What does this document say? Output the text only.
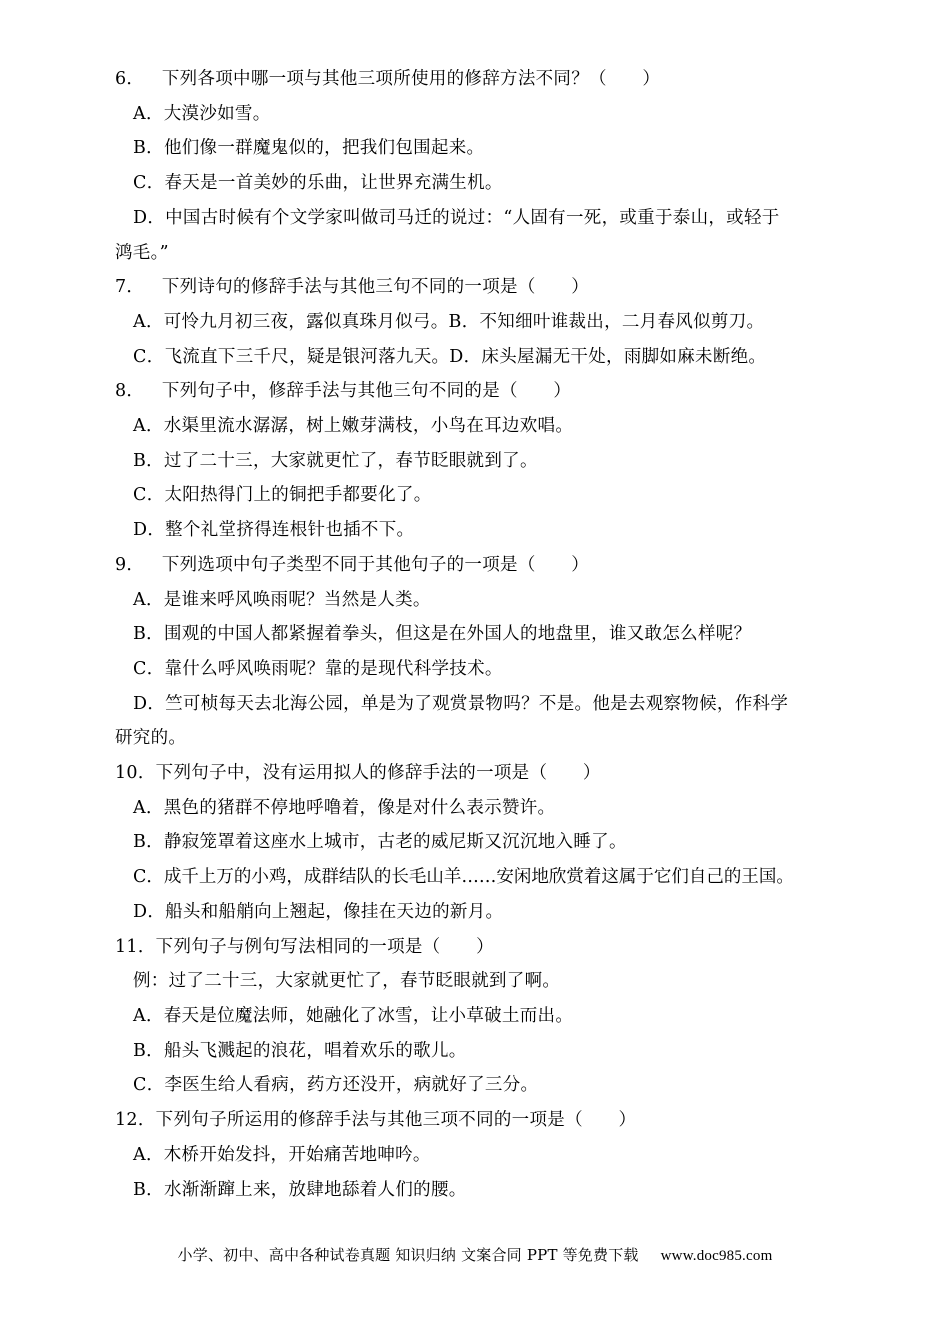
6． 下列各项中哪一项与其他三项所使用的修辞方法不同？（　　）
A．大漠沙如雪。
B．他们像一群魔鬼似的，把我们包围起来。
C．春天是一首美妙的乐曲，让世界充满生机。
D．中国古时候有个文学家叫做司马迁的说过：“人固有一死，或重于泰山，或轻于
鸿毛。”
7． 下列诗句的修辞手法与其他三句不同的一项是（　　）
A．可怜九月初三夜，露似真珠月似弓。B．不知细叶谁裁出，二月春风似剪刀。
C．飞流直下三千尺，疑是银河落九天。D．床头屋漏无干处，雨脚如麻未断绝。
8． 下列句子中，修辞手法与其他三句不同的是（　　）
A．水渠里流水潺潺，树上嫩芽满枝，小鸟在耳边欢唱。
B．过了二十三，大家就更忙了，春节眨眼就到了。
C．太阳热得门上的铜把手都要化了。
D．整个礼堂挤得连根针也插不下。
9． 下列选项中句子类型不同于其他句子的一项是（　　）
A．是谁来呼风唤雨呢？当然是人类。
B．围观的中国人都紧握着拳头，但这是在外国人的地盘里，谁又敢怎么样呢？
C．靠什么呼风唤雨呢？靠的是现代科学技术。
D．竺可桢每天去北海公园，单是为了观赏景物吗？不是。他是去观察物候，作科学
研究的。
10．下列句子中，没有运用拟人的修辞手法的一项是（　　）
A．黑色的猪群不停地呼噜着，像是对什么表示赞许。
B．静寂笼罩着这座水上城市，古老的威尼斯又沉沉地入睡了。
C．成千上万的小鸡，成群结队的长毛山羊……安闲地欣赏着这属于它们自己的王国。
D．船头和船艄向上翘起，像挂在天边的新月。
11．下列句子与例句写法相同的一项是（　　）
例：过了二十三，大家就更忙了，春节眨眼就到了啊。
A．春天是位魔法师，她融化了冰雪，让小草破土而出。
B．船头飞溅起的浪花，唱着欢乐的歌儿。
C．李医生给人看病，药方还没开，病就好了三分。
12．下列句子所运用的修辞手法与其他三项不同的一项是（　　）
A．木桥开始发抖，开始痛苦地呻吟。
B．水渐渐蹿上来，放肆地舔着人们的腰。
小学、初中、高中各种试卷真题 知识归纳 文案合同 PPT 等免费下载 www.doc985.com
